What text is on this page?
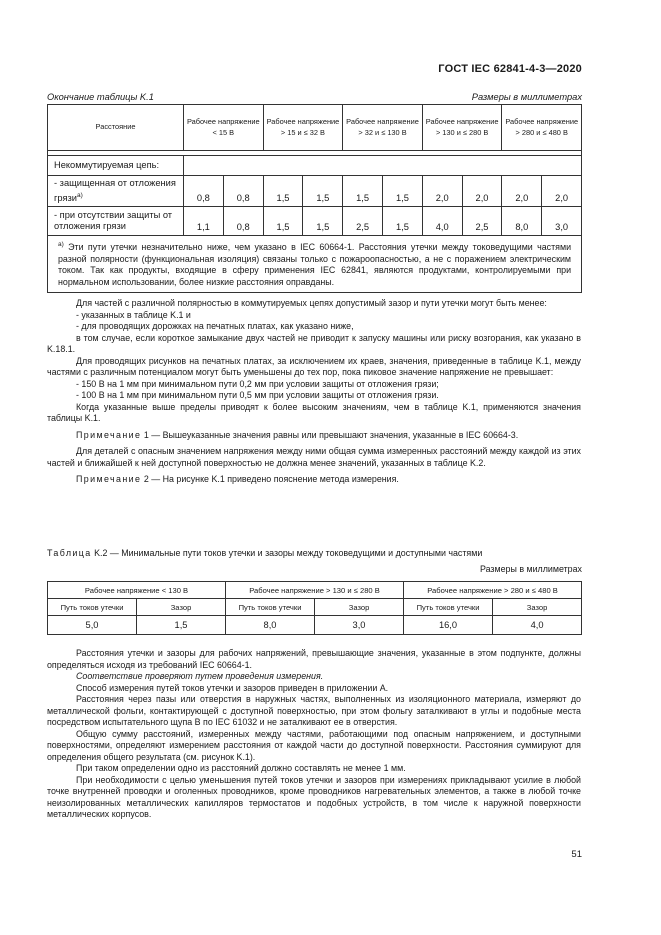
ГОСТ IEC 62841-4-3—2020
Окончание таблицы K.1	Размеры в миллиметрах
Расстояние	Рабочее напряжение < 15 В		Рабочее напряжение > 15 и ≤ 32 В		Рабочее напряжение > 32 и ≤ 130 В		Рабочее напряжение > 130 и ≤ 280 В		Рабочее напряжение > 280 и ≤ 480 В	

Некоммутируемая цепь:										
- защищенная от отложения грязи$^{а)}$	0,8	0,8	1,5	1,5	1,5	1,5	2,0	2,0	2,0	2,0
- при отсутствии защиты от отложения грязи	1,1	0,8	1,5	1,5	2,5	1,5	4,0	2,5	8,0	3,0
$^{а)}$ Эти пути утечки незначительно ниже, чем указано в IEC 60664-1. Расстояния утечки между токоведущими частями разной полярности (функциональная изоляция) связаны только с пожароопасностью, а не с поражением электрическим током. Так как продукты, входящие в сферу применения IEC 62841, являются продуктами, контролируемыми при нормальном использовании, более низкие расстояния оправданы.										

Для частей с различной полярностью в коммутируемых цепях допустимый зазор и пути утечки могут быть менее:

- указанных в таблице K.1 и

- для проводящих дорожках на печатных платах, как указано ниже,

в том случае, если короткое замыкание двух частей не приводит к запуску машины или риску возгорания, как указано в K.18.1.

Для проводящих рисунков на печатных платах, за исключением их краев, значения, приведенные в таблице K.1, между частями с различным потенциалом могут быть уменьшены до тех пор, пока пиковое значение напряжение не превышает:

- 150 В на 1 мм при минимальном пути 0,2 мм при условии защиты от отложения грязи;

- 100 В на 1 мм при минимальном пути 0,5 мм при условии защиты от отложения грязи.

Когда указанные выше пределы приводят к более высоким значениям, чем в таблице K.1, применяются значения таблицы K.1.

Примечание 1 — Вышеуказанные значения равны или превышают значения, указанные в IEC 60664-3.

Для деталей с опасным значением напряжения между ними общая сумма измеренных расстояний между каждой из этих частей и ближайшей к ней доступной поверхностью не должна менее значений, указанных в таблице K.2.

Примечание 2 — На рисунке K.1 приведено пояснение метода измерения.

Таблица K.2 — Минимальные пути токов утечки и зазоры между токоведущими и доступными частями
Размеры в миллиметрах
Рабочее напряжение < 130 В		Рабочее напряжение > 130 и ≤ 280 В		Рабочее напряжение > 280 и ≤ 480 В	
Путь токов утечки	Зазор	Путь токов утечки	Зазор	Путь токов утечки	Зазор
5,0	1,5	8,0	3,0	16,0	4,0

Расстояния утечки и зазоры для рабочих напряжений, превышающие значения, указанные в этом подпункте, должны определяться исходя из требований IEC 60664-1.

Соответствие проверяют путем проведения измерения.

Способ измерения путей токов утечки и зазоров приведен в приложении А.

Расстояния через пазы или отверстия в наружных частях, выполненных из изоляционного материала, измеряют до металлической фольги, контактирующей с доступной поверхностью, при этом фольгу заталкивают в углы и подобные места посредством испытательного щупа B по IEC 61032 и не заталкивают ее в отверстия.

Общую сумму расстояний, измеренных между частями, работающими под опасным напряжением, и доступными поверхностями, определяют измерением расстояния от каждой части до доступной поверхности. Расстояния суммируют для определения общего результата (см. рисунок K.1).

При таком определении одно из расстояний должно составлять не менее 1 мм.

При необходимости с целью уменьшения путей токов утечки и зазоров при измерениях прикладывают усилие в любой точке внутренней проводки и оголенных проводников, кроме проводников нагревательных элементов, а также в любой точке неизолированных металлических капилляров термостатов и подобных устройств, в том числе к наружной поверхности металлических корпусов.

51
